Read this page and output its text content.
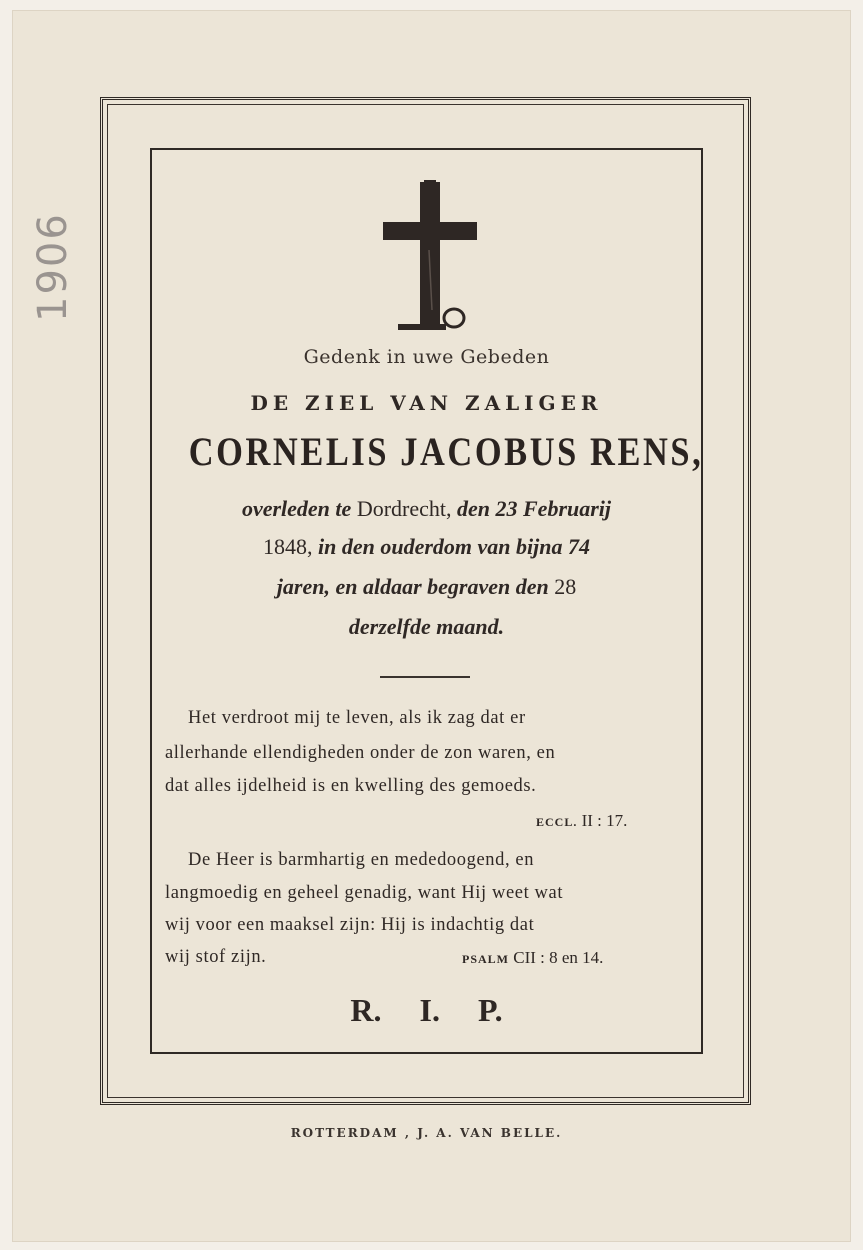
1906
Gedenk in uwe Gebeden
DE ZIEL VAN ZALIGER
CORNELIS JACOBUS RENS,
overleden te Dordrecht, den 23 Februarij
1848, in den ouderdom van bijna 74
jaren, en aldaar begraven den 28
derzelfde maand.
Het verdroot mij te leven, als ik zag dat er
allerhande ellendigheden onder de zon waren, en
dat alles ijdelheid is en kwelling des gemoeds.
ECCL. II : 17.
De Heer is barmhartig en mededoogend, en
langmoedig en geheel genadig, want Hij weet wat
wij voor een maaksel zijn: Hij is indachtig dat
wij stof zijn.	PSALM CII : 8 en 14.
R. I. P.
ROTTERDAM , J. A. VAN BELLE.
